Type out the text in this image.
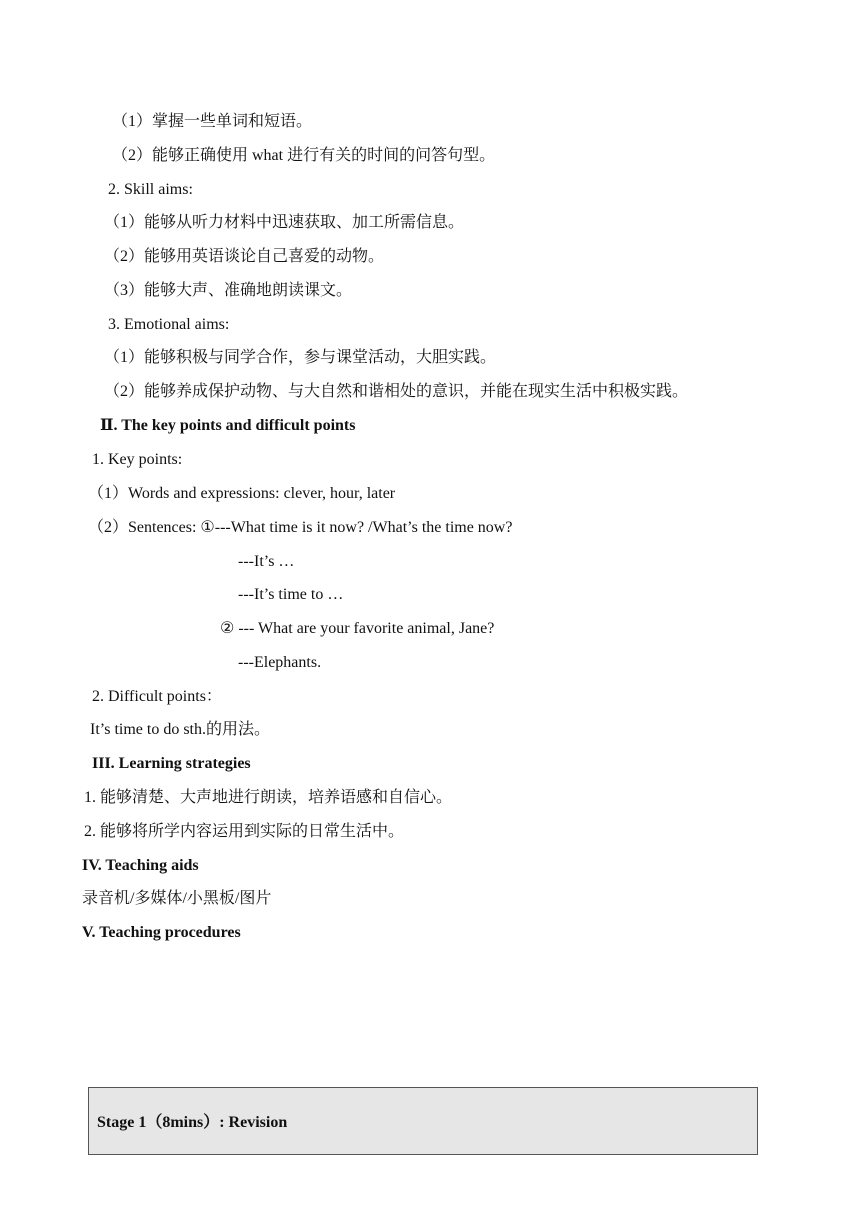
（1）掌握一些单词和短语。
（2）能够正确使用 what 进行有关的时间的问答句型。
2. Skill aims:
（1）能够从听力材料中迅速获取、加工所需信息。
（2）能够用英语谈论自己喜爱的动物。
（3）能够大声、准确地朗读课文。
3. Emotional aims:
（1）能够积极与同学合作，参与课堂活动，大胆实践。
（2）能够养成保护动物、与大自然和谐相处的意识，并能在现实生活中积极实践。
Ⅱ. The key points and difficult points
1. Key points:
（1）Words and expressions: clever, hour, later
（2）Sentences: ①---What time is it now? /What’s the time now?
---It’s …
---It’s time to …
② --- What are your favorite animal, Jane?
---Elephants.
2. Difficult points：
It’s time to do sth.的用法。
III. Learning strategies
1. 能够清楚、大声地进行朗读，培养语感和自信心。
2. 能够将所学内容运用到实际的日常生活中。
IV. Teaching aids
录音机/多媒体/小黑板/图片
V. Teaching procedures
Stage 1（8mins）: Revision
